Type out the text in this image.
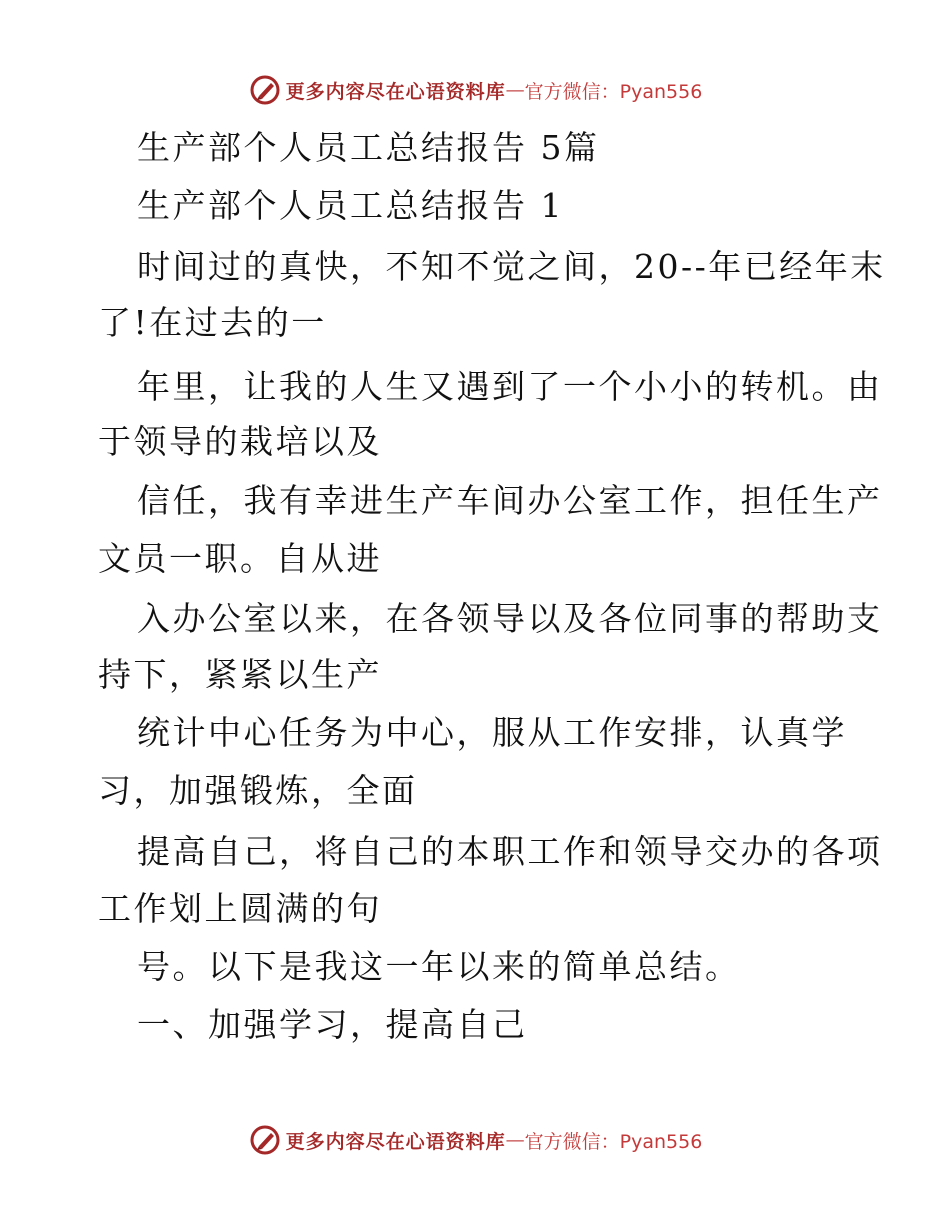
更多内容尽在心语资料库 — 官方微信：Pyan556
生产部个人员工总结报告 5篇
生产部个人员工总结报告 1
时间过的真快，不知不觉之间，20--年已经年末
了!在过去的一
年里，让我的人生又遇到了一个小小的转机。由
于领导的栽培以及
信任，我有幸进生产车间办公室工作，担任生产
文员一职。自从进
入办公室以来，在各领导以及各位同事的帮助支
持下，紧紧以生产
统计中心任务为中心，服从工作安排，认真学
习，加强锻炼，全面
提高自己，将自己的本职工作和领导交办的各项
工作划上圆满的句
号。以下是我这一年以来的简单总结。
一、加强学习，提高自己
更多内容尽在心语资料库 — 官方微信：Pyan556
